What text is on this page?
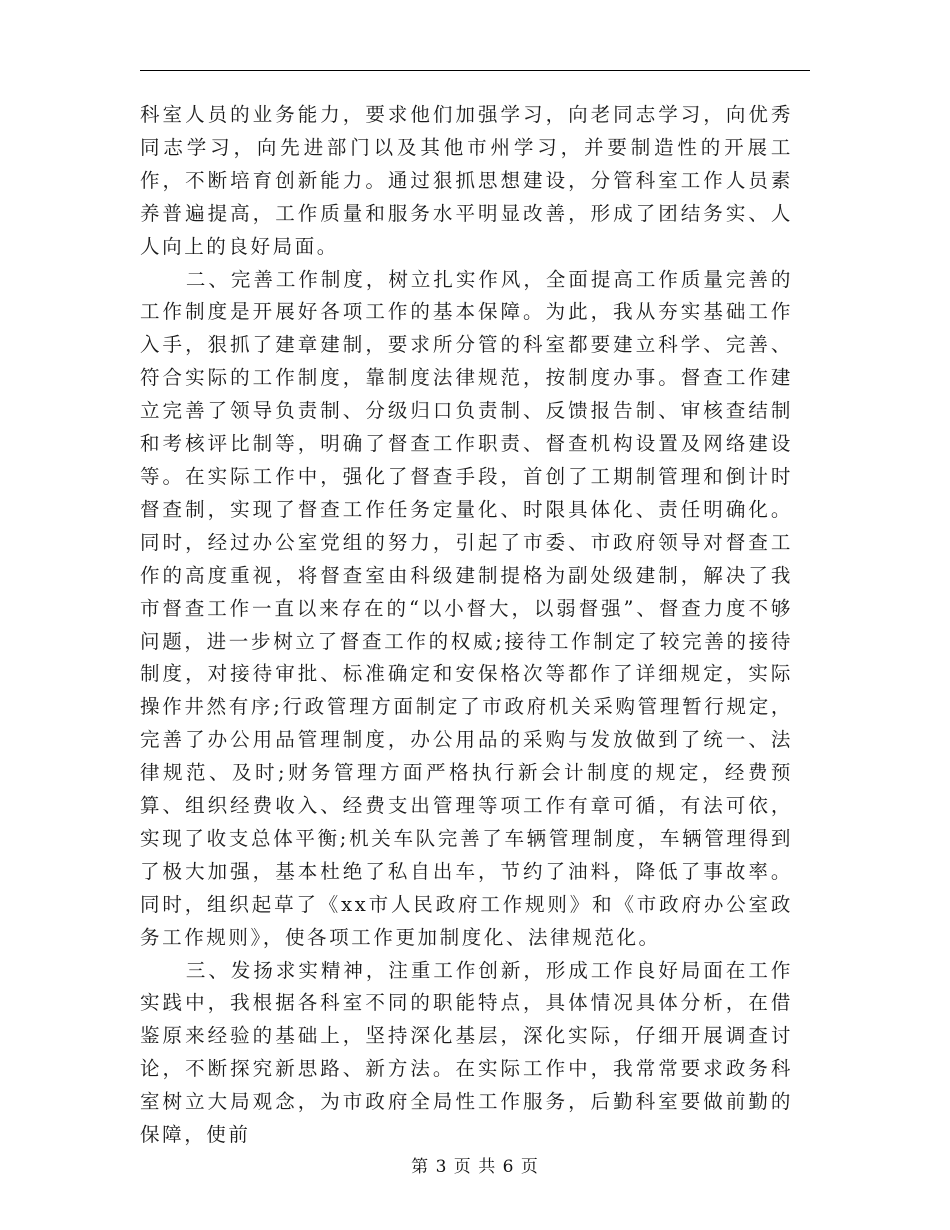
科室人员的业务能力，要求他们加强学习，向老同志学习，向优秀同志学习，向先进部门以及其他市州学习，并要制造性的开展工作，不断培育创新能力。通过狠抓思想建设，分管科室工作人员素养普遍提高，工作质量和服务水平明显改善，形成了团结务实、人人向上的良好局面。

二、完善工作制度，树立扎实作风，全面提高工作质量完善的工作制度是开展好各项工作的基本保障。为此，我从夯实基础工作入手，狠抓了建章建制，要求所分管的科室都要建立科学、完善、符合实际的工作制度，靠制度法律规范，按制度办事。督查工作建立完善了领导负责制、分级归口负责制、反馈报告制、审核查结制和考核评比制等，明确了督查工作职责、督查机构设置及网络建设等。在实际工作中，强化了督查手段，首创了工期制管理和倒计时督查制，实现了督查工作任务定量化、时限具体化、责任明确化。同时，经过办公室党组的努力，引起了市委、市政府领导对督查工作的高度重视，将督查室由科级建制提格为副处级建制，解决了我市督查工作一直以来存在的“以小督大，以弱督强”、督查力度不够问题，进一步树立了督查工作的权威;接待工作制定了较完善的接待制度，对接待审批、标准确定和安保格次等都作了详细规定，实际操作井然有序;行政管理方面制定了市政府机关采购管理暂行规定，完善了办公用品管理制度，办公用品的采购与发放做到了统一、法律规范、及时;财务管理方面严格执行新会计制度的规定，经费预算、组织经费收入、经费支出管理等项工作有章可循，有法可依，实现了收支总体平衡;机关车队完善了车辆管理制度，车辆管理得到了极大加强，基本杜绝了私自出车，节约了油料，降低了事故率。同时，组织起草了《xx市人民政府工作规则》和《市政府办公室政务工作规则》，使各项工作更加制度化、法律规范化。

三、发扬求实精神，注重工作创新，形成工作良好局面在工作实践中，我根据各科室不同的职能特点，具体情况具体分析，在借鉴原来经验的基础上，坚持深化基层，深化实际，仔细开展调查讨论，不断探究新思路、新方法。在实际工作中，我常常要求政务科室树立大局观念，为市政府全局性工作服务，后勤科室要做前勤的保障，使前

第 3 页 共 6 页
